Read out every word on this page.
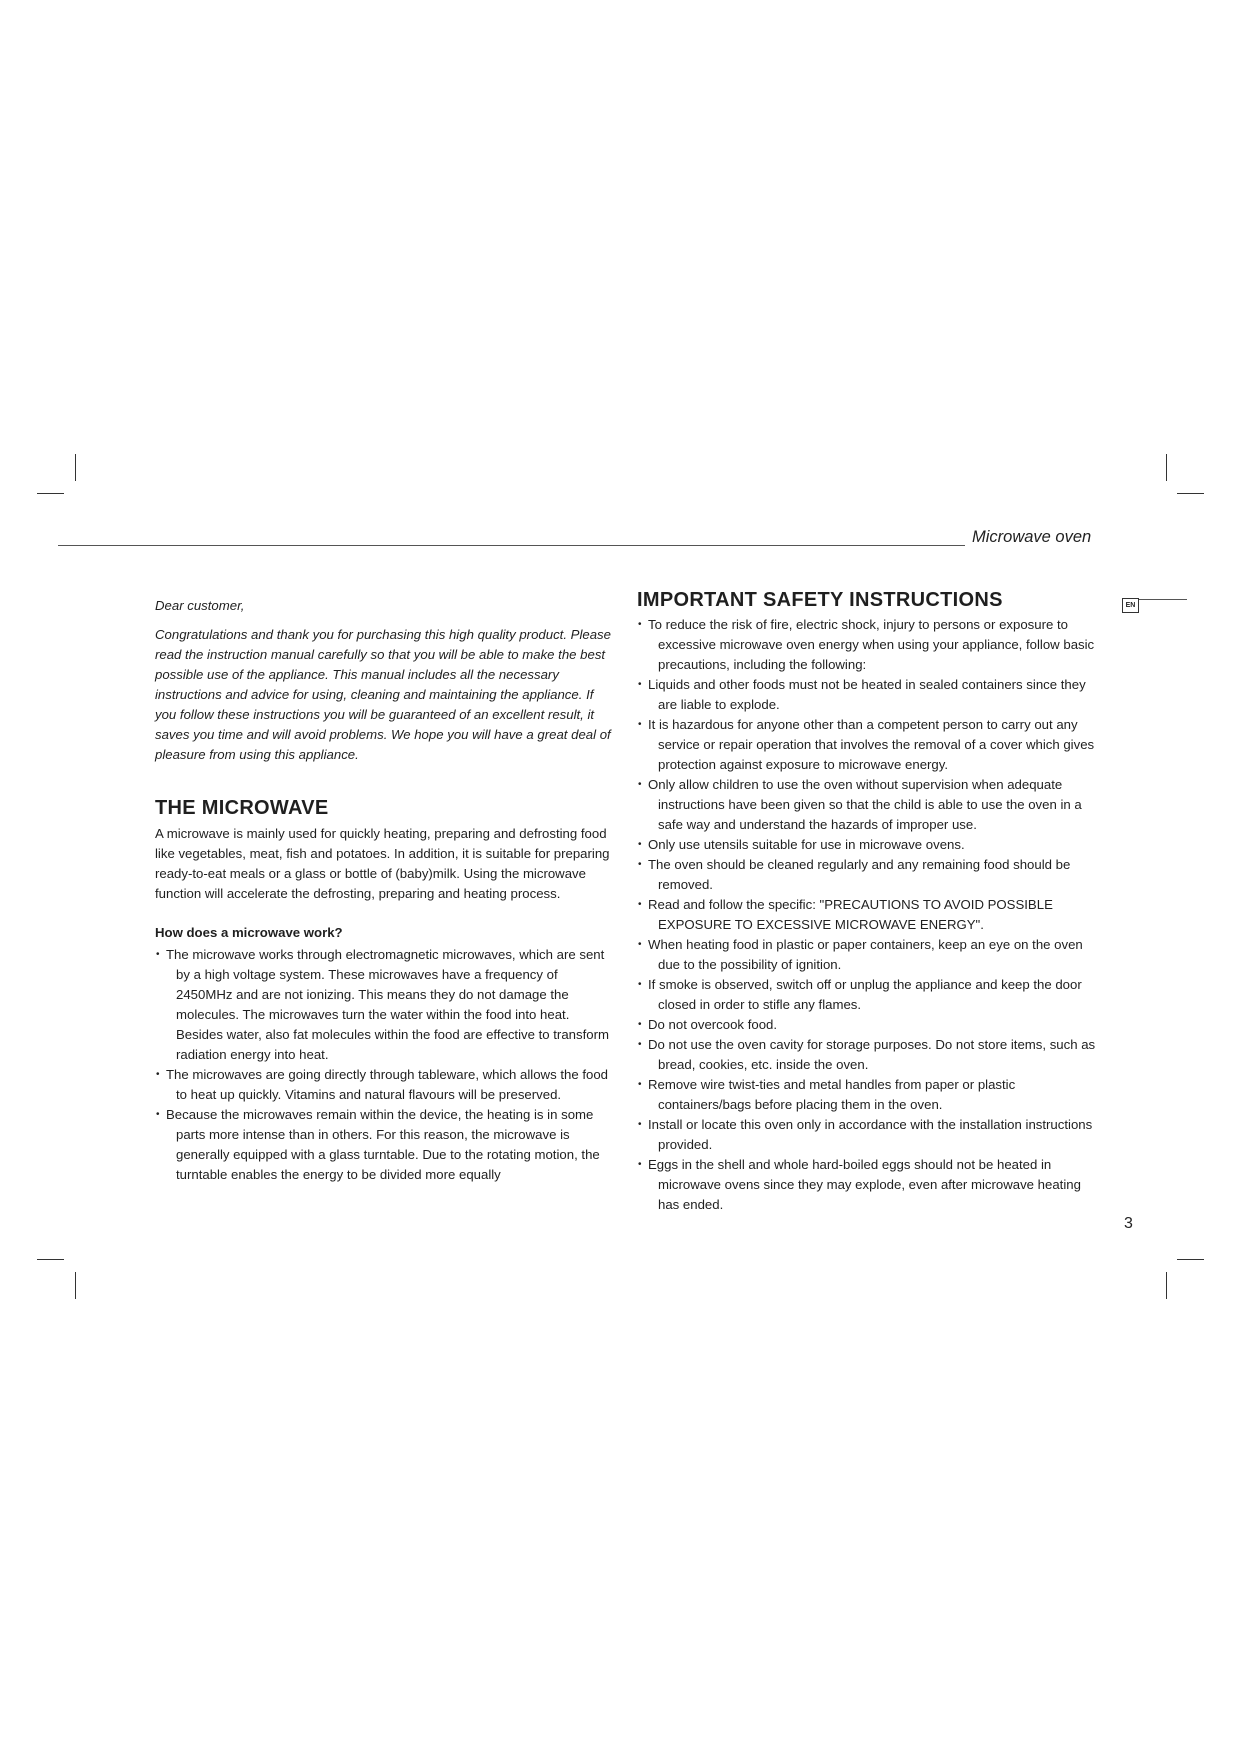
Microwave oven
EN

Dear customer,

Congratulations and thank you for purchasing this high quality product. Please read the instruction manual carefully so that you will be able to make the best possible use of the appliance. This manual includes all the necessary instructions and advice for using, cleaning and maintaining the appliance. If you follow these instructions you will be guaranteed of an excellent result, it saves you time and will avoid problems. We hope you will have a great deal of pleasure from using this appliance.

THE MICROWAVE

A microwave is mainly used for quickly heating, preparing and defrosting food like vegetables, meat, fish and potatoes. In addition, it is suitable for preparing ready-to-eat meals or a glass or bottle of (baby)milk. Using the microwave function will accelerate the defrosting, preparing and heating process.

How does a microwave work?
• The microwave works through electromagnetic microwaves, which are sent by a high voltage system. These microwaves have a frequency of 2450MHz and are not ionizing. This means they do not damage the molecules. The microwaves turn the water within the food into heat. Besides water, also fat molecules within the food are effective to transform radiation energy into heat.
• The microwaves are going directly through tableware, which allows the food to heat up quickly. Vitamins and natural flavours will be preserved.
• Because the microwaves remain within the device, the heating is in some parts more intense than in others. For this reason, the microwave is generally equipped with a glass turntable. Due to the rotating motion, the turntable enables the energy to be divided more equally
IMPORTANT SAFETY INSTRUCTIONS
• To reduce the risk of fire, electric shock, injury to persons or exposure to excessive microwave oven energy when using your appliance, follow basic precautions, including the following:
• Liquids and other foods must not be heated in sealed containers since they are liable to explode.
• It is hazardous for anyone other than a competent person to carry out any service or repair operation that involves the removal of a cover which gives protection against exposure to microwave energy.
• Only allow children to use the oven without supervision when adequate instructions have been given so that the child is able to use the oven in a safe way and understand the hazards of improper use.
• Only use utensils suitable for use in microwave ovens.
• The oven should be cleaned regularly and any remaining food should be removed.
• Read and follow the specific: "PRECAUTIONS TO AVOID POSSIBLE EXPOSURE TO EXCESSIVE MICROWAVE ENERGY".
• When heating food in plastic or paper containers, keep an eye on the oven due to the possibility of ignition.
• If smoke is observed, switch off or unplug the appliance and keep the door closed in order to stifle any flames.
• Do not overcook food.
• Do not use the oven cavity for storage purposes. Do not store items, such as bread, cookies, etc. inside the oven.
• Remove wire twist-ties and metal handles from paper or plastic containers/bags before placing them in the oven.
• Install or locate this oven only in accordance with the installation instructions provided.
• Eggs in the shell and whole hard-boiled eggs should not be heated in microwave ovens since they may explode, even after microwave heating has ended.
3
